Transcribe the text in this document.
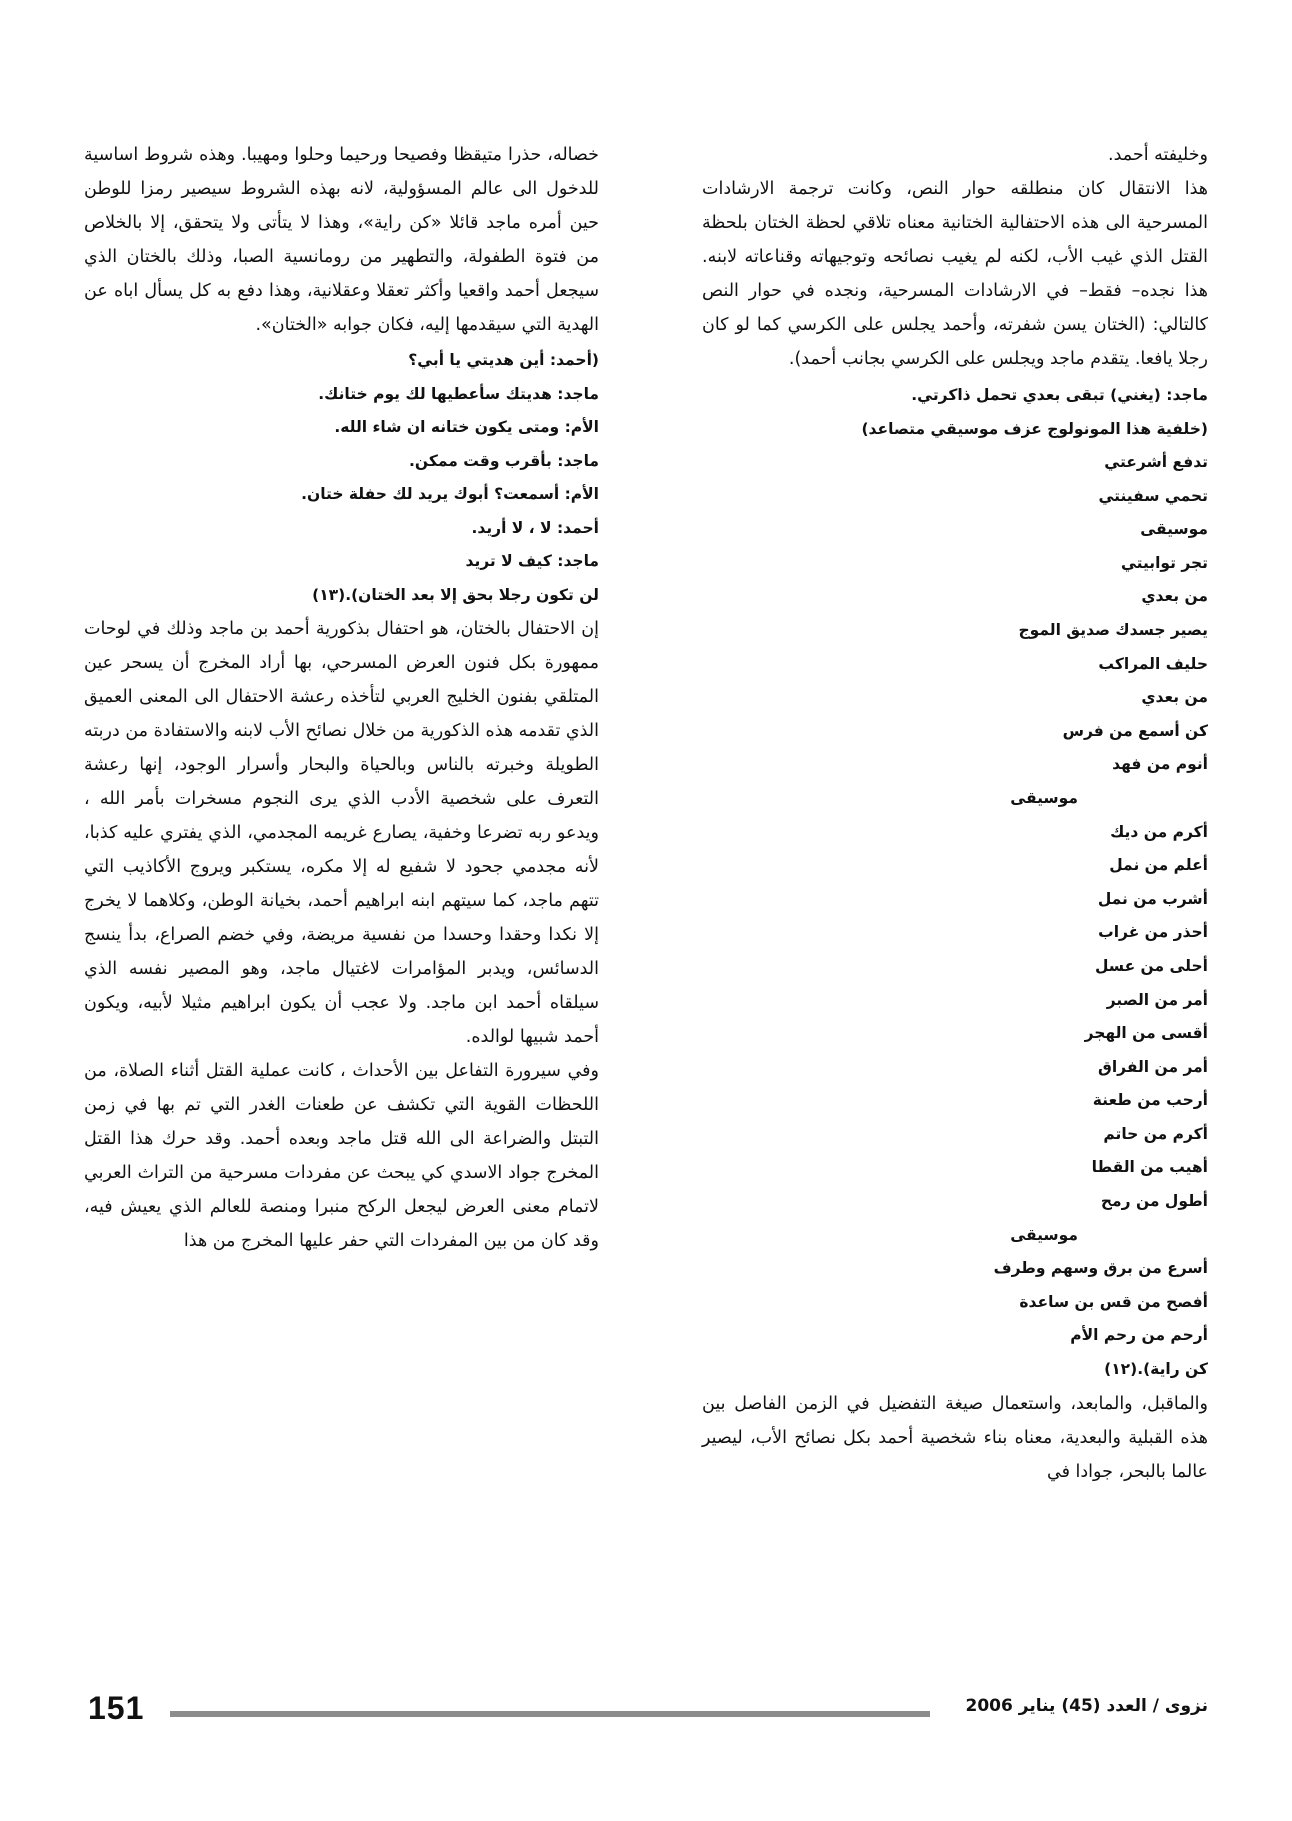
وخليفته أحمد.

هذا الانتقال كان منطلقه حوار النص، وكانت ترجمة الارشادات المسرحية الى هذه الاحتفالية الختانية معناه تلاقي لحظة الختان بلحظة القتل الذي غيب الأب، لكنه لم يغيب نصائحه وتوجيهاته وقناعاته لابنه. هذا نجده– فقط– في الارشادات المسرحية، ونجده في حوار النص كالتالي: (الختان يسن شفرته، وأحمد يجلس على الكرسي كما لو كان رجلا يافعا. يتقدم ماجد ويجلس على الكرسي بجانب أحمد).

ماجد: (يغني) تبقى بعدي تحمل ذاكرتي.
(خلفية هذا المونولوج عزف موسيقي متصاعد)
تدفع أشرعتي
تحمي سفينتي
موسيقى
تجر توابيتي
من بعدي
يصير جسدك صديق الموج
حليف المراكب
من بعدي
كن أسمع من فرس
أنوم من فهد
موسيقى
أكرم من ديك
أعلم من نمل
أشرب من نمل
أحذر من غراب
أحلى من عسل
أمر من الصبر
أقسى من الهجر
أمر من الفراق
أرحب من طعنة
أكرم من حاتم
أهيب من القطا
أطول من رمح
موسيقى
أسرع من برق وسهم وطرف
أفصح من قس بن ساعدة
أرحم من رحم الأم
كن راية).(١٢)

والماقبل، والمابعد، واستعمال صيغة التفضيل في الزمن الفاصل بين هذه القبلية والبعدية، معناه بناء شخصية أحمد بكل نصائح الأب، ليصير عالما بالبحر، جوادا في

خصاله، حذرا متيقظا وفصيحا ورحيما وحلوا ومهيبا. وهذه شروط اساسية للدخول الى عالم المسؤولية، لانه بهذه الشروط سيصير رمزا للوطن حين أمره ماجد قائلا «كن راية»، وهذا لا يتأتى ولا يتحقق، إلا بالخلاص من فتوة الطفولة، والتطهير من رومانسية الصبا، وذلك بالختان الذي سيجعل أحمد واقعيا وأكثر تعقلا وعقلانية، وهذا دفع به كل يسأل اباه عن الهدية التي سيقدمها إليه، فكان جوابه «الختان».

(أحمد: أين هديتي يا أبي؟
ماجد: هديتك سأعطيها لك يوم ختانك.
الأم: ومتى يكون ختانه ان شاء الله.
ماجد: بأقرب وقت ممكن.
الأم: أسمعت؟ أبوك يريد لك حفلة ختان.
أحمد: لا ، لا أريد.
ماجد: كيف لا تريد
لن تكون رجلا بحق إلا بعد الختان).(١٣)

إن الاحتفال بالختان، هو احتفال بذكورية أحمد بن ماجد وذلك في لوحات ممهورة بكل فنون العرض المسرحي، بها أراد المخرج أن يسحر عين المتلقي بفنون الخليج العربي لتأخذه رعشة الاحتفال الى المعنى العميق الذي تقدمه هذه الذكورية من خلال نصائح الأب لابنه والاستفادة من دربته الطويلة وخبرته بالناس وبالحياة والبحار وأسرار الوجود، إنها رعشة التعرف على شخصية الأدب الذي يرى النجوم مسخرات بأمر الله ، ويدعو ربه تضرعا وخفية، يصارع غريمه المجدمي، الذي يفتري عليه كذبا، لأنه مجدمي جحود لا شفيع له إلا مكره، يستكبر ويروج الأكاذيب التي تتهم ماجد، كما سيتهم ابنه ابراهيم أحمد، بخيانة الوطن، وكلاهما لا يخرج إلا نكدا وحقدا وحسدا من نفسية مريضة، وفي خضم الصراع، بدأ ينسج الدسائس، ويدبر المؤامرات لاغتيال ماجد، وهو المصير نفسه الذي سيلقاه أحمد ابن ماجد. ولا عجب أن يكون ابراهيم مثيلا لأبيه، ويكون أحمد شبيها لوالده.

وفي سيرورة التفاعل بين الأحداث ، كانت عملية القتل أثناء الصلاة، من اللحظات القوية التي تكشف عن طعنات الغدر التي تم بها في زمن التبتل والضراعة الى الله قتل ماجد وبعده أحمد. وقد حرك هذا القتل المخرج جواد الاسدي كي يبحث عن مفردات مسرحية من التراث العربي لاتمام معنى العرض ليجعل الركح منبرا ومنصة للعالم الذي يعيش فيه، وقد كان من بين المفردات التي حفر عليها المخرج من هذا

151	نزوى / العدد (45) يناير 2006
